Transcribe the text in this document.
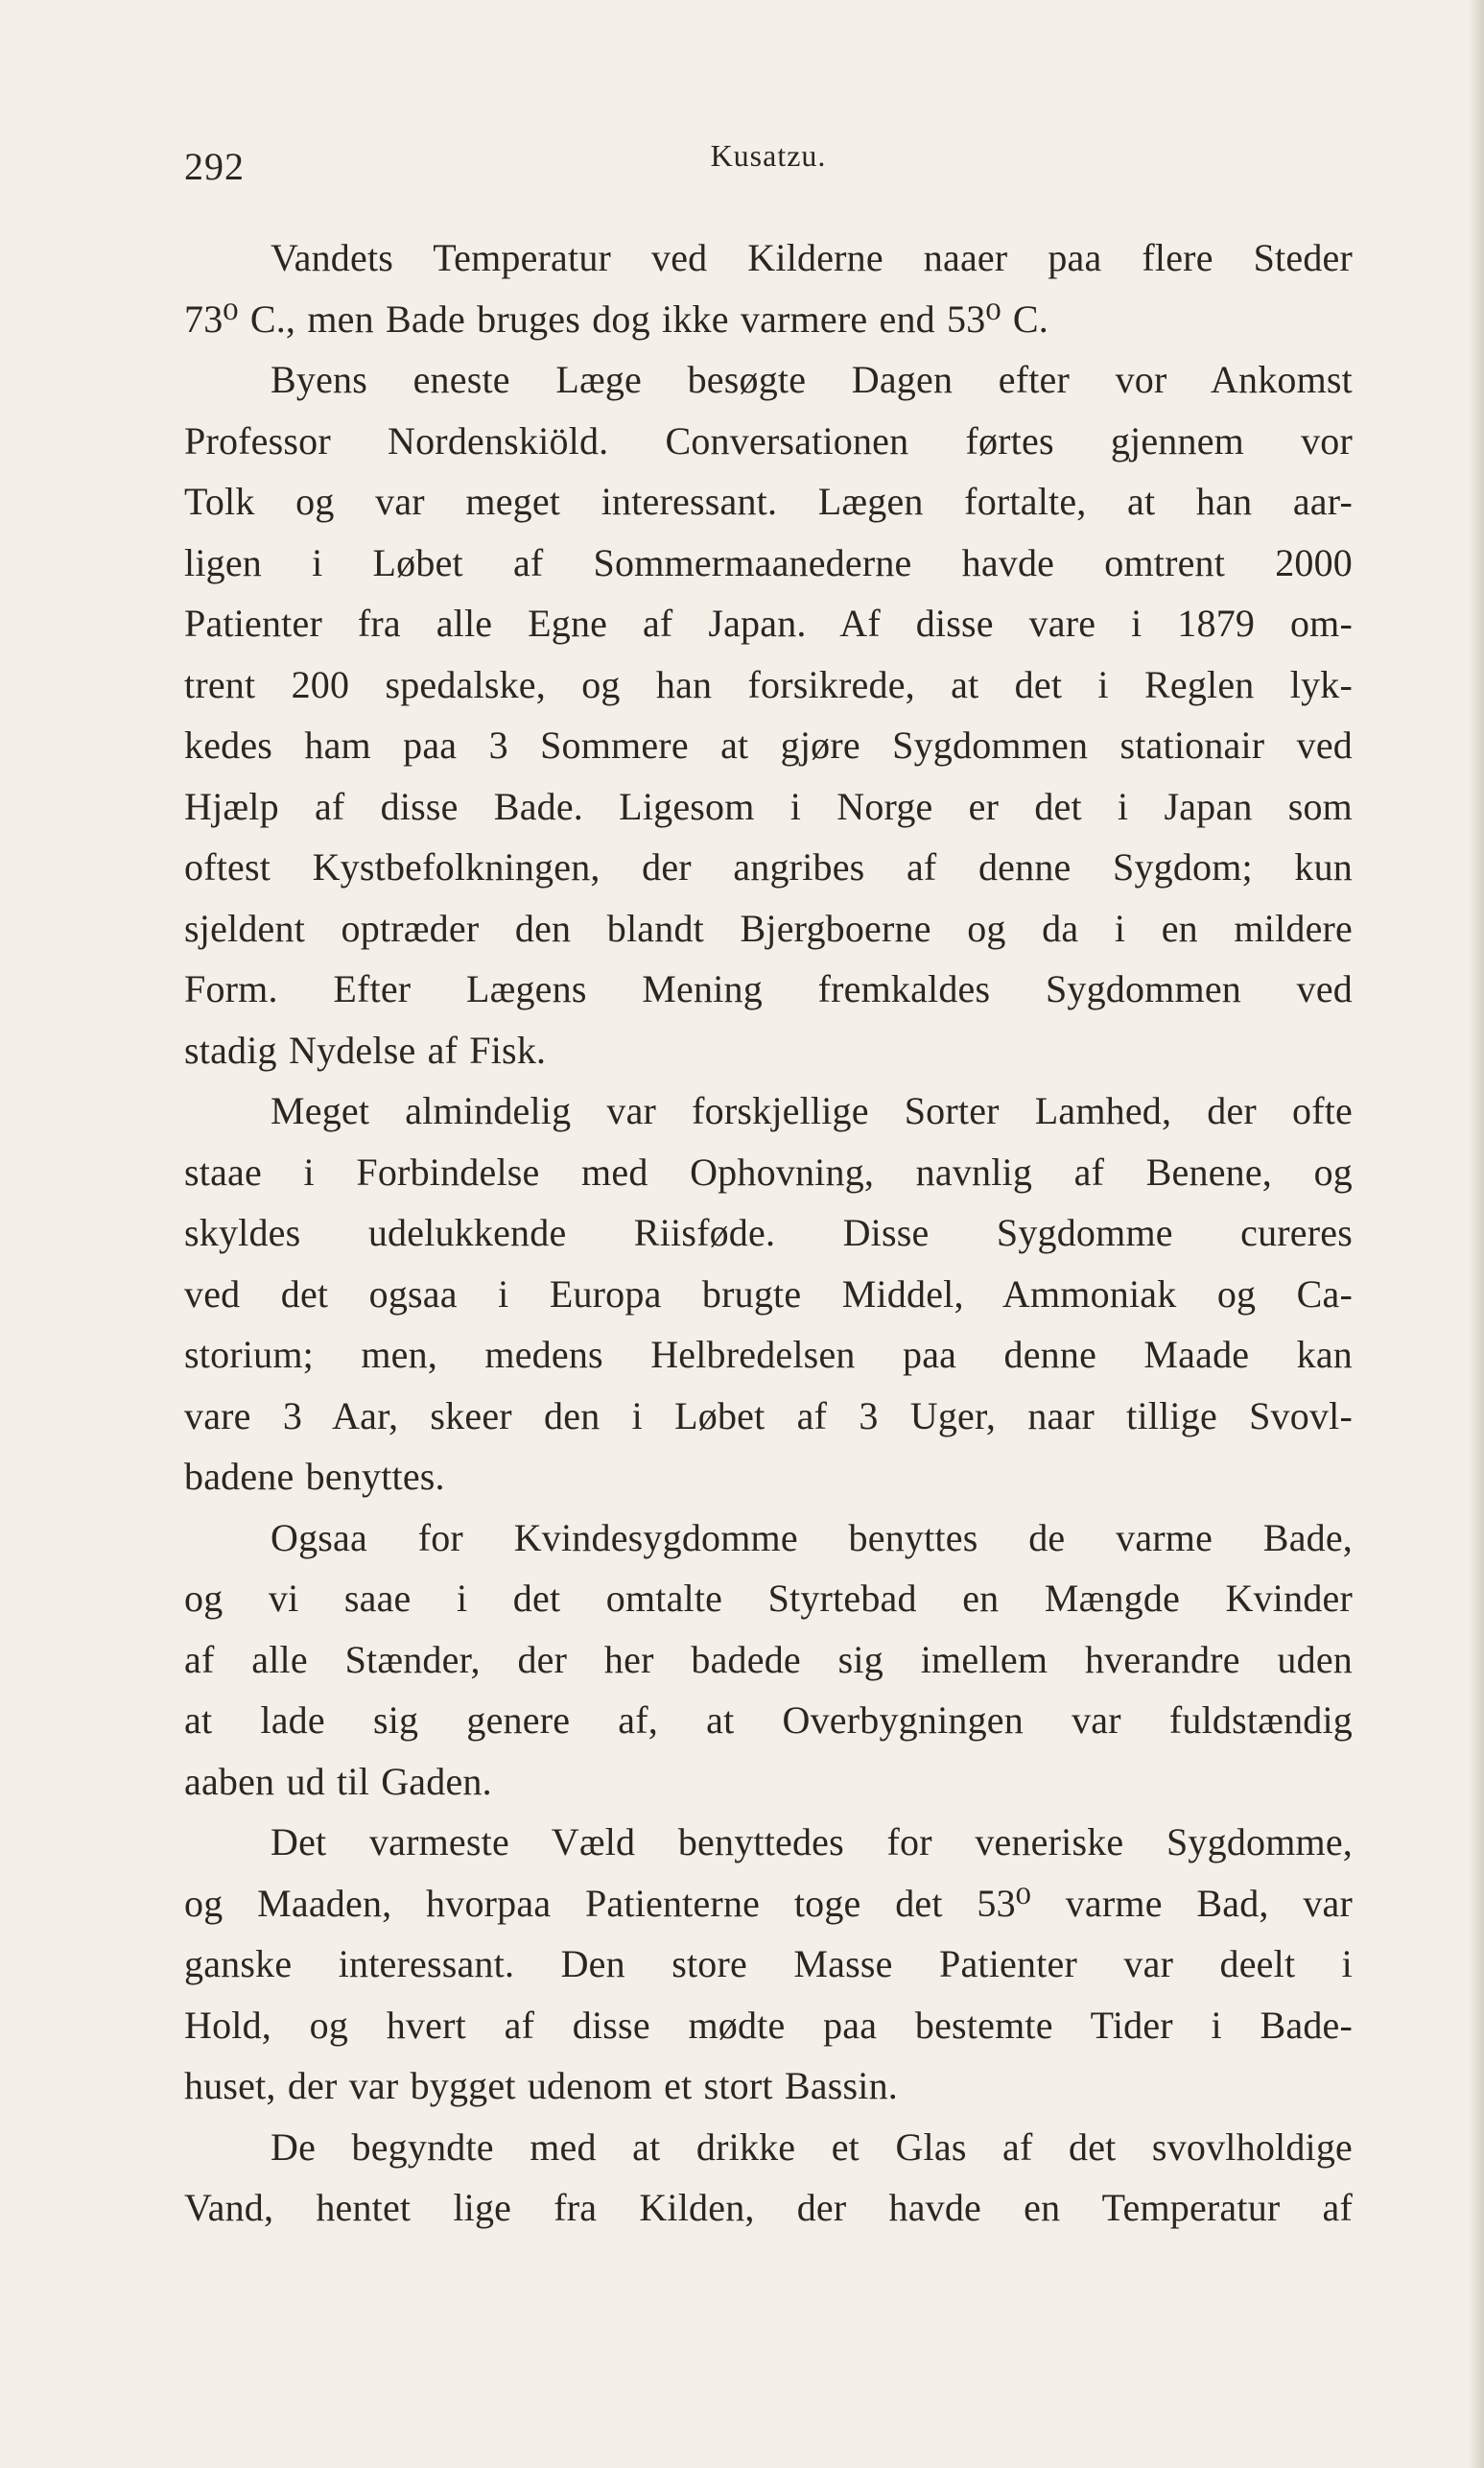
292	Kusatzu.
Vandets Temperatur ved Kilderne naaer paa flere Steder
73⁰ C., men Bade bruges dog ikke varmere end 53⁰ C.
Byens eneste Læge besøgte Dagen efter vor Ankomst
Professor Nordenskiöld. Conversationen førtes gjennem vor
Tolk og var meget interessant. Lægen fortalte, at han aar-
ligen i Løbet af Sommermaanederne havde omtrent 2000
Patienter fra alle Egne af Japan. Af disse vare i 1879 om-
trent 200 spedalske, og han forsikrede, at det i Reglen lyk-
kedes ham paa 3 Sommere at gjøre Sygdommen stationair ved
Hjælp af disse Bade. Ligesom i Norge er det i Japan som
oftest Kystbefolkningen, der angribes af denne Sygdom; kun
sjeldent optræder den blandt Bjergboerne og da i en mildere
Form. Efter Lægens Mening fremkaldes Sygdommen ved
stadig Nydelse af Fisk.
Meget almindelig var forskjellige Sorter Lamhed, der ofte
staae i Forbindelse med Ophovning, navnlig af Benene, og
skyldes udelukkende Riisføde. Disse Sygdomme cureres
ved det ogsaa i Europa brugte Middel, Ammoniak og Ca-
storium; men, medens Helbredelsen paa denne Maade kan
vare 3 Aar, skeer den i Løbet af 3 Uger, naar tillige Svovl-
badene benyttes.
Ogsaa for Kvindesygdomme benyttes de varme Bade,
og vi saae i det omtalte Styrtebad en Mængde Kvinder
af alle Stænder, der her badede sig imellem hverandre uden
at lade sig genere af, at Overbygningen var fuldstændig
aaben ud til Gaden.
Det varmeste Væld benyttedes for veneriske Sygdomme,
og Maaden, hvorpaa Patienterne toge det 53⁰ varme Bad, var
ganske interessant. Den store Masse Patienter var deelt i
Hold, og hvert af disse mødte paa bestemte Tider i Bade-
huset, der var bygget udenom et stort Bassin.
De begyndte med at drikke et Glas af det svovlholdige
Vand, hentet lige fra Kilden, der havde en Temperatur af
